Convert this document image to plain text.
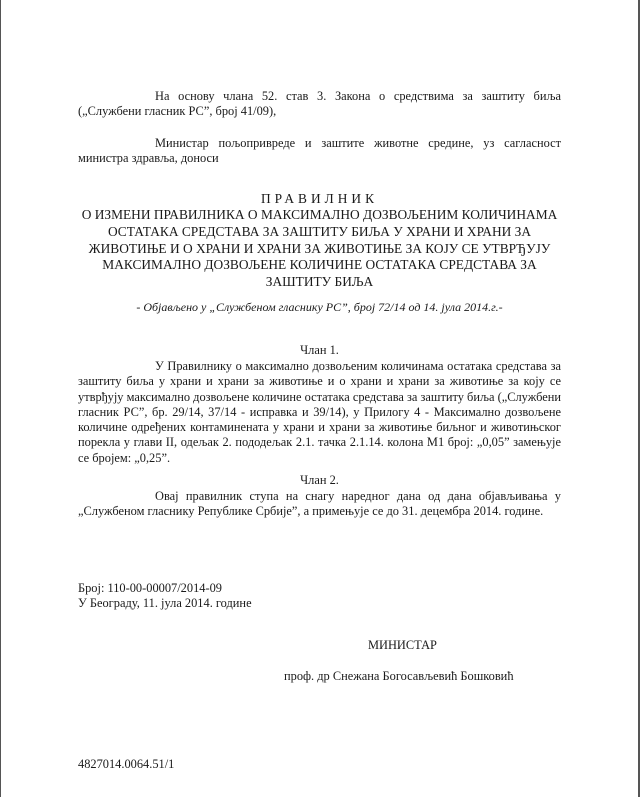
На основу члана 52. став 3. Закона о средствима за заштиту биља („Службени гласник РС”, број 41/09),

Министар пољопривреде и заштите животне средине, уз сагласност министра здравља, доноси

ПРАВИЛНИК

О ИЗМЕНИ ПРАВИЛНИКА О МАКСИМАЛНО ДОЗВОЉЕНИМ КОЛИЧИНАМА

ОСТАТАКА СРЕДСТАВА ЗА ЗАШТИТУ БИЉА У ХРАНИ И ХРАНИ ЗА

ЖИВОТИЊЕ И О ХРАНИ И ХРАНИ ЗА ЖИВОТИЊЕ ЗА КОЈУ СЕ УТВРЂУЈУ

МАКСИМАЛНО ДОЗВОЉЕНЕ КОЛИЧИНЕ ОСТАТАКА СРЕДСТАВА ЗА

ЗАШТИТУ БИЉА

- Објављено у „Службеном гласнику РС”, број 72/14 од 14. јула 2014.г.-

Члан 1.

У Правилнику о максимално дозвољеним количинама остатака средстава за заштиту биља у храни и храни за животиње и о храни и храни за животиње за коју се утврђују максимално дозвољене количине остатака средстава за заштиту биља („Службени гласник РС”, бр. 29/14, 37/14 - исправка и 39/14), у Прилогу 4 - Максимално дозвољене количине одређених контаминената у храни и храни за животиње биљног и животињског порекла у глави II, одељак 2. пододељак 2.1. тачка 2.1.14. колона М1 број: „0,05” замењује се бројем: „0,25”.

Члан 2.

Овај правилник ступа на снагу наредног дана од дана објављивања у „Службеном гласнику Републике Србије”, а примењује се до 31. децембра 2014. године.

Број: 110-00-00007/2014-09

У Београду, 11. јула 2014. године

МИНИСТАР

проф. др Снежана Богосављевић Бошковић

4827014.0064.51/1
